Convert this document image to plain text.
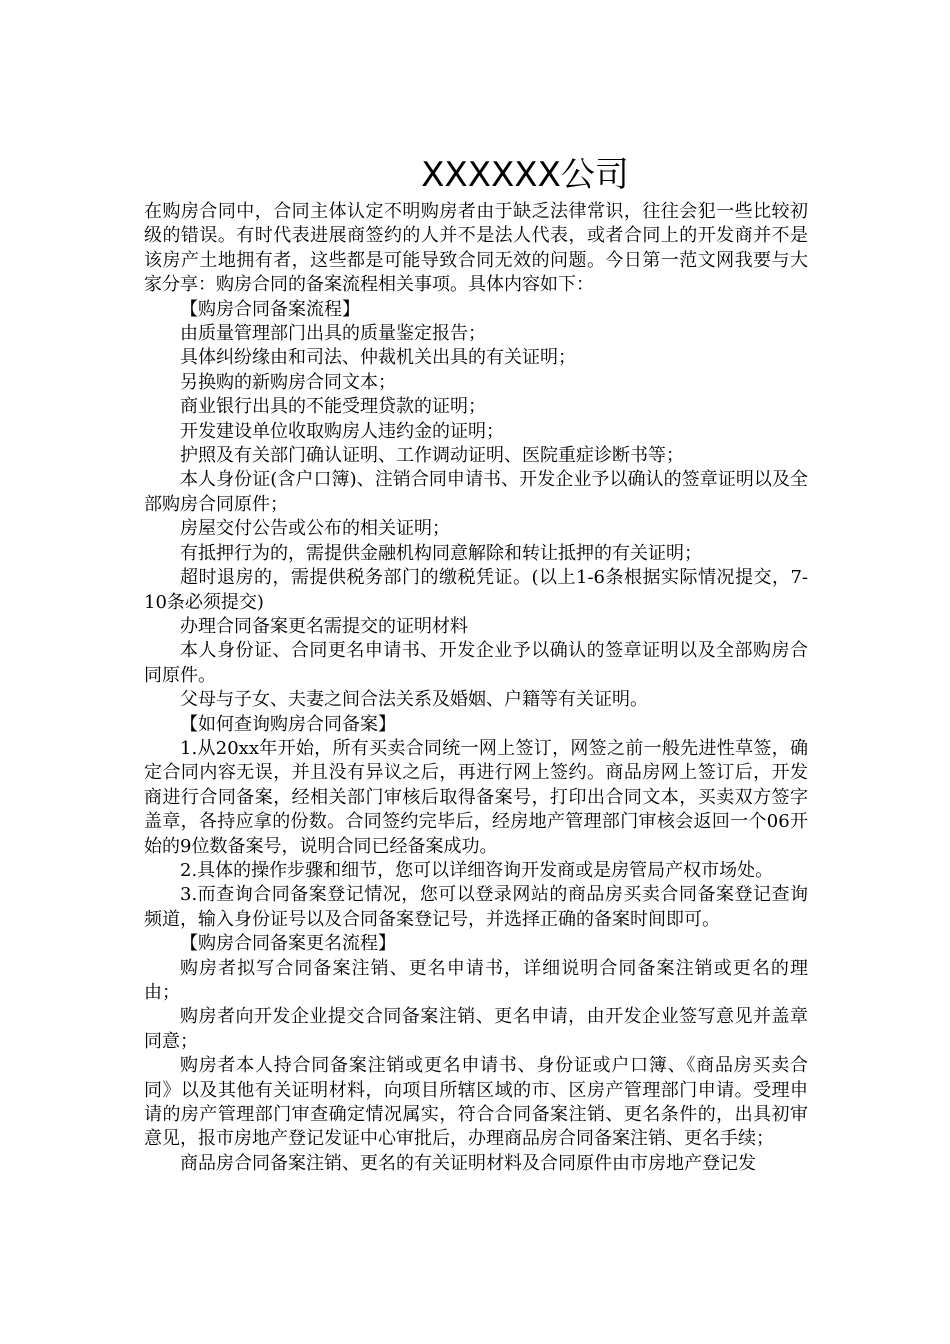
XXXXXX公司

在购房合同中，合同主体认定不明购房者由于缺乏法律常识，往往会犯一些比较初级的错误。有时代表进展商签约的人并不是法人代表，或者合同上的开发商并不是该房产土地拥有者，这些都是可能导致合同无效的问题。今日第一范文网我要与大家分享：购房合同的备案流程相关事项。具体内容如下：

【购房合同备案流程】

由质量管理部门出具的质量鉴定报告；

具体纠纷缘由和司法、仲裁机关出具的有关证明；

另换购的新购房合同文本；

商业银行出具的不能受理贷款的证明；

开发建设单位收取购房人违约金的证明；

护照及有关部门确认证明、工作调动证明、医院重症诊断书等；

本人身份证(含户口簿)、注销合同申请书、开发企业予以确认的签章证明以及全部购房合同原件；

房屋交付公告或公布的相关证明；

有抵押行为的，需提供金融机构同意解除和转让抵押的有关证明；

超时退房的，需提供税务部门的缴税凭证。(以上1-6条根据实际情况提交，7-10条必须提交)

办理合同备案更名需提交的证明材料

本人身份证、合同更名申请书、开发企业予以确认的签章证明以及全部购房合同原件。

父母与子女、夫妻之间合法关系及婚姻、户籍等有关证明。

【如何查询购房合同备案】

1.从20xx年开始，所有买卖合同统一网上签订，网签之前一般先进性草签，确定合同内容无误，并且没有异议之后，再进行网上签约。商品房网上签订后，开发商进行合同备案，经相关部门审核后取得备案号，打印出合同文本，买卖双方签字盖章，各持应拿的份数。合同签约完毕后，经房地产管理部门审核会返回一个06开始的9位数备案号，说明合同已经备案成功。

2.具体的操作步骤和细节，您可以详细咨询开发商或是房管局产权市场处。

3.而查询合同备案登记情况，您可以登录网站的商品房买卖合同备案登记查询频道，输入身份证号以及合同备案登记号，并选择正确的备案时间即可。

【购房合同备案更名流程】

购房者拟写合同备案注销、更名申请书，详细说明合同备案注销或更名的理由；

购房者向开发企业提交合同备案注销、更名申请，由开发企业签写意见并盖章同意；

购房者本人持合同备案注销或更名申请书、身份证或户口簿、《商品房买卖合同》以及其他有关证明材料，向项目所辖区域的市、区房产管理部门申请。受理申请的房产管理部门审查确定情况属实，符合合同备案注销、更名条件的，出具初审意见，报市房地产登记发证中心审批后，办理商品房合同备案注销、更名手续；

商品房合同备案注销、更名的有关证明材料及合同原件由市房地产登记发
